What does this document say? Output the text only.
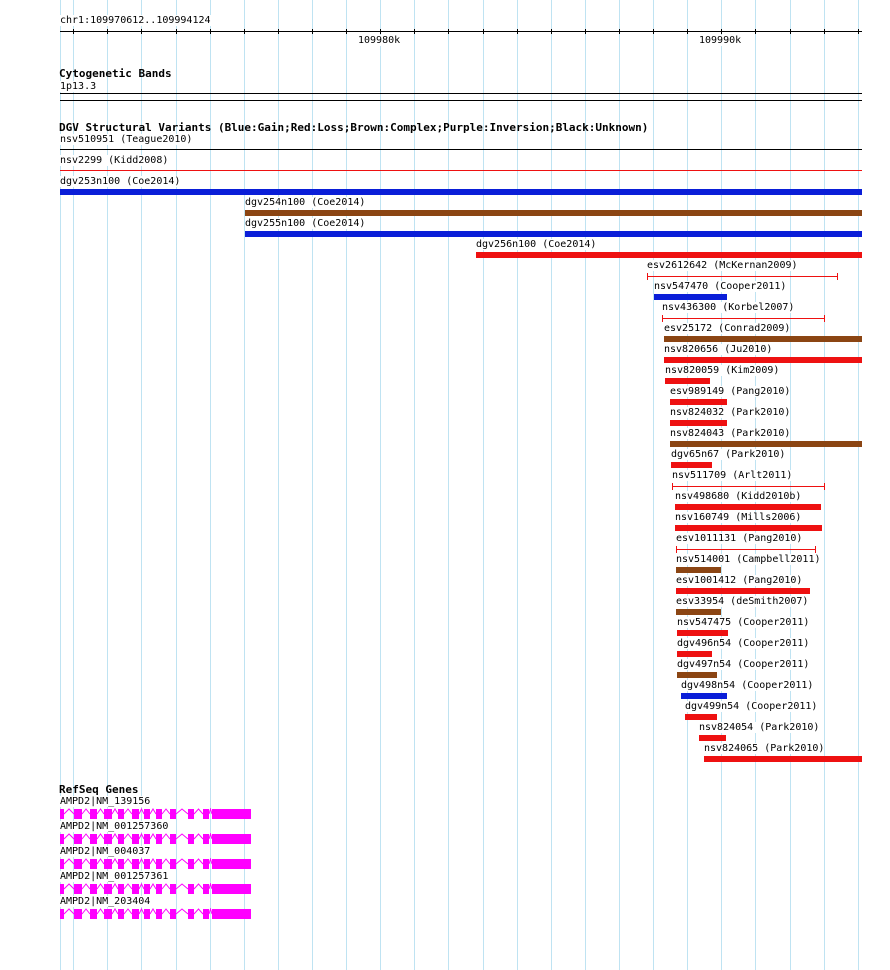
chr1:109970612..109994124
109980k	109990k
Cytogenetic Bands
1p13.3
DGV Structural Variants (Blue:Gain;Red:Loss;Brown:Complex;Purple:Inversion;Black:Unknown)
nsv510951 (Teague2010)
nsv2299 (Kidd2008)
dgv253n100 (Coe2014)
dgv254n100 (Coe2014)
dgv255n100 (Coe2014)
dgv256n100 (Coe2014)
esv2612642 (McKernan2009)
nsv547470 (Cooper2011)
nsv436300 (Korbel2007)
esv25172 (Conrad2009)
nsv820656 (Ju2010)
nsv820059 (Kim2009)
esv989149 (Pang2010)
nsv824032 (Park2010)
nsv824043 (Park2010)
dgv65n67 (Park2010)
nsv511709 (Arlt2011)
nsv498680 (Kidd2010b)
nsv160749 (Mills2006)
esv1011131 (Pang2010)
nsv514001 (Campbell2011)
esv1001412 (Pang2010)
esv33954 (deSmith2007)
nsv547475 (Cooper2011)
dgv496n54 (Cooper2011)
dgv497n54 (Cooper2011)
dgv498n54 (Cooper2011)
dgv499n54 (Cooper2011)
nsv824054 (Park2010)
nsv824065 (Park2010)
RefSeq Genes
AMPD2|NM_139156
AMPD2|NM_001257360
AMPD2|NM_004037
AMPD2|NM_001257361
AMPD2|NM_203404
